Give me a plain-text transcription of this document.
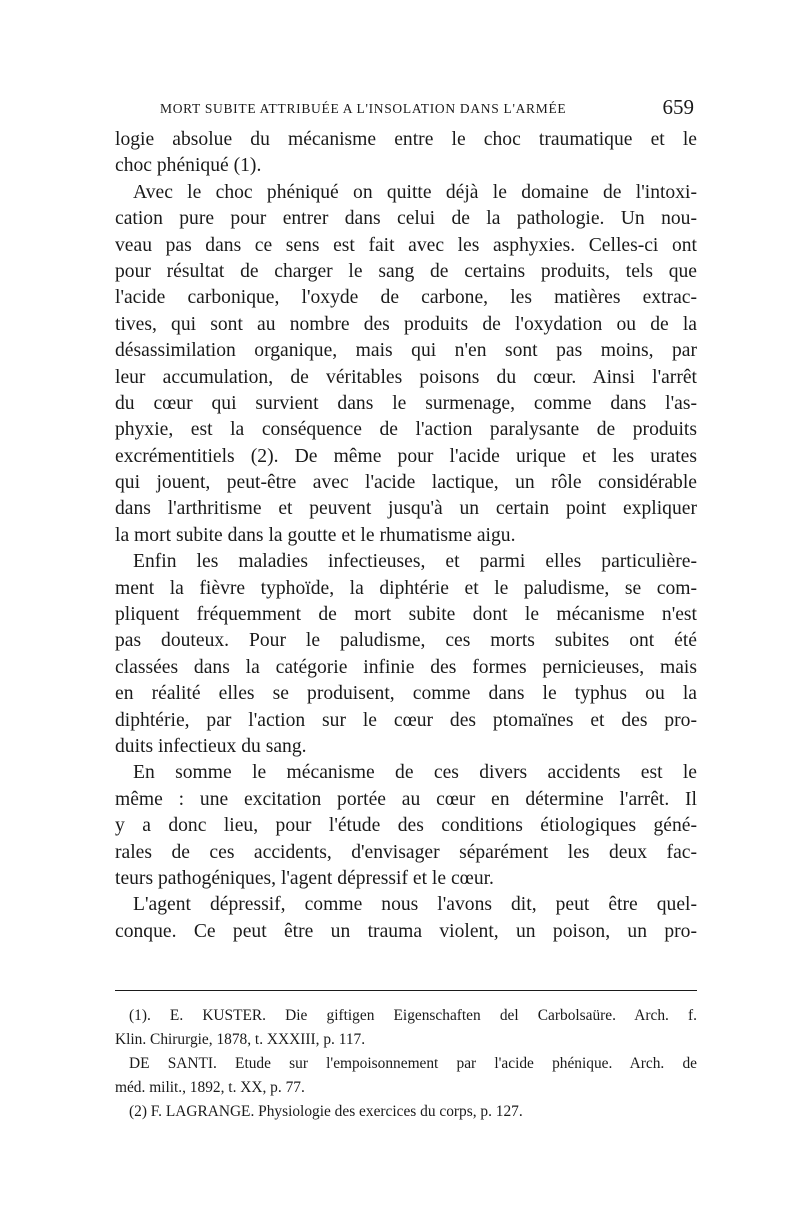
MORT SUBITE ATTRIBUÉE A L'INSOLATION DANS L'ARMÉE	659
logie absolue du mécanisme entre le choc traumatique et le
choc phéniqué (1).
Avec le choc phéniqué on quitte déjà le domaine de l'intoxi-
cation pure pour entrer dans celui de la pathologie. Un nou-
veau pas dans ce sens est fait avec les asphyxies. Celles-ci ont
pour résultat de charger le sang de certains produits, tels que
l'acide carbonique, l'oxyde de carbone, les matières extrac-
tives, qui sont au nombre des produits de l'oxydation ou de la
désassimilation organique, mais qui n'en sont pas moins, par
leur accumulation, de véritables poisons du cœur. Ainsi l'arrêt
du cœur qui survient dans le surmenage, comme dans l'as-
phyxie, est la conséquence de l'action paralysante de produits
excrémentitiels (2). De même pour l'acide urique et les urates
qui jouent, peut-être avec l'acide lactique, un rôle considérable
dans l'arthritisme et peuvent jusqu'à un certain point expliquer
la mort subite dans la goutte et le rhumatisme aigu.
Enfin les maladies infectieuses, et parmi elles particulière-
ment la fièvre typhoïde, la diphtérie et le paludisme, se com-
pliquent fréquemment de mort subite dont le mécanisme n'est
pas douteux. Pour le paludisme, ces morts subites ont été
classées dans la catégorie infinie des formes pernicieuses, mais
en réalité elles se produisent, comme dans le typhus ou la
diphtérie, par l'action sur le cœur des ptomaïnes et des pro-
duits infectieux du sang.
En somme le mécanisme de ces divers accidents est le
même : une excitation portée au cœur en détermine l'arrêt. Il
y a donc lieu, pour l'étude des conditions étiologiques géné-
rales de ces accidents, d'envisager séparément les deux fac-
teurs pathogéniques, l'agent dépressif et le cœur.
L'agent dépressif, comme nous l'avons dit, peut être quel-
conque. Ce peut être un trauma violent, un poison, un pro-
(1). E. KUSTER. Die giftigen Eigenschaften del Carbolsaüre. Arch. f.
Klin. Chirurgie, 1878, t. XXXIII, p. 117.
DE SANTI. Etude sur l'empoisonnement par l'acide phénique. Arch. de
méd. milit., 1892, t. XX, p. 77.
(2) F. LAGRANGE. Physiologie des exercices du corps, p. 127.
